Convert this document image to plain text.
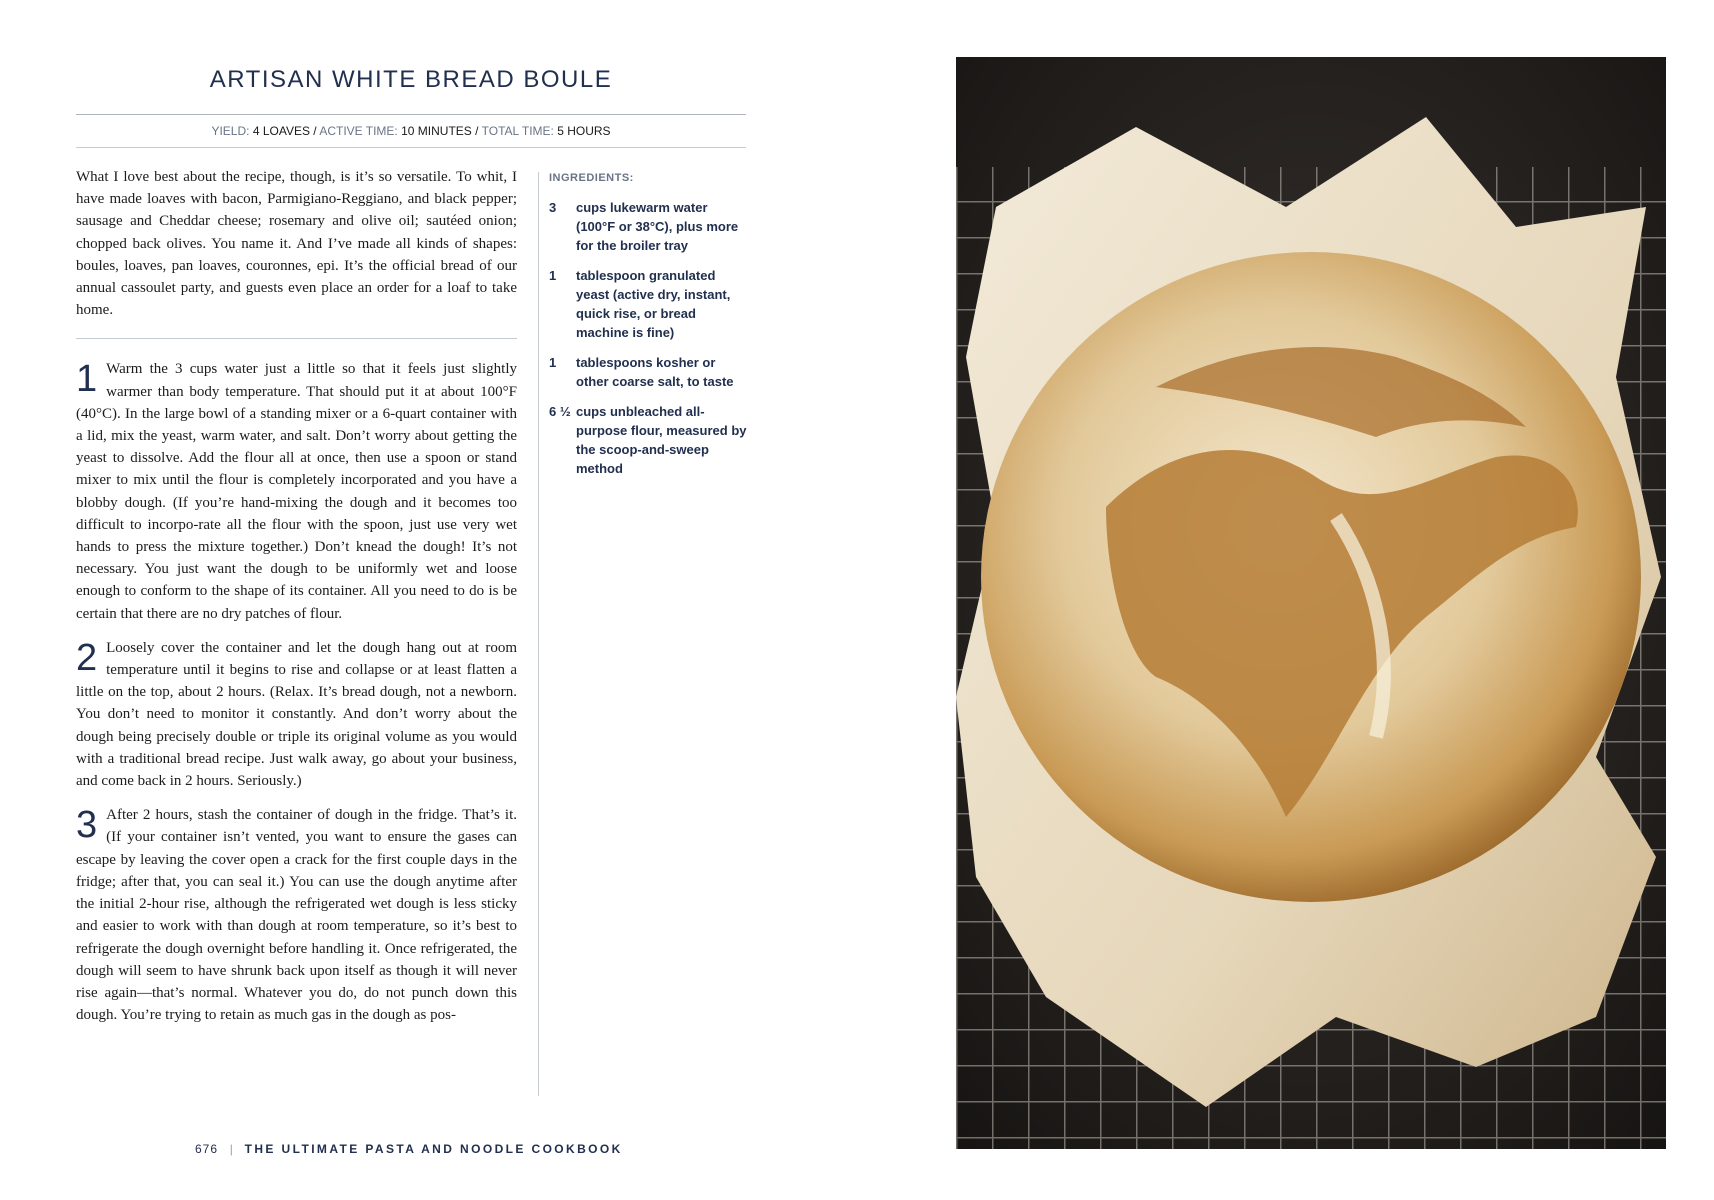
ARTISAN WHITE BREAD BOULE
YIELD: 4 LOAVES / ACTIVE TIME: 10 MINUTES / TOTAL TIME: 5 HOURS

What I love best about the recipe, though, is it’s so versatile. To whit, I have made loaves with bacon, Parmigiano-Reggiano, and black pepper; sausage and Cheddar cheese; rosemary and olive oil; sautéed onion; chopped back olives. You name it. And I’ve made all kinds of shapes: boules, loaves, pan loaves, couronnes, epi. It’s the official bread of our annual cassoulet party, and guests even place an order for a loaf to take home.

1 Warm the 3 cups water just a little so that it feels just slightly warmer than body temperature. That should put it at about 100°F (40°C). In the large bowl of a standing mixer or a 6-quart container with a lid, mix the yeast, warm water, and salt. Don’t worry about getting the yeast to dissolve. Add the flour all at once, then use a spoon or stand mixer to mix until the flour is completely incorporated and you have a blobby dough. (If you’re hand-mixing the dough and it becomes too difficult to incorpo-rate all the flour with the spoon, just use very wet hands to press the mixture together.) Don’t knead the dough! It’s not necessary. You just want the dough to be uniformly wet and loose enough to conform to the shape of its container. All you need to do is be certain that there are no dry patches of flour.

2 Loosely cover the container and let the dough hang out at room temperature until it begins to rise and collapse or at least flatten a little on the top, about 2 hours. (Relax. It’s bread dough, not a newborn. You don’t need to monitor it constantly. And don’t worry about the dough being precisely double or triple its original volume as you would with a traditional bread recipe. Just walk away, go about your business, and come back in 2 hours. Seriously.)

3 After 2 hours, stash the container of dough in the fridge. That’s it. (If your container isn’t vented, you want to ensure the gases can escape by leaving the cover open a crack for the first couple days in the fridge; after that, you can seal it.) You can use the dough anytime after the initial 2-hour rise, although the refrigerated wet dough is less sticky and easier to work with than dough at room temperature, so it’s best to refrigerate the dough overnight before handling it. Once refrigerated, the dough will seem to have shrunk back upon itself as though it will never rise again—that’s normal. Whatever you do, do not punch down this dough. You’re trying to retain as much gas in the dough as pos-

INGREDIENTS:
3	cups lukewarm water (100°F or 38°C), plus more for the broiler tray
1	tablespoon granulated yeast (active dry, instant, quick rise, or bread machine is fine)
1	tablespoons kosher or other coarse salt, to taste
6 ½ cups unbleached all-purpose flour, measured by the scoop-and-sweep method
676 | THE ULTIMATE PASTA AND NOODLE COOKBOOK
